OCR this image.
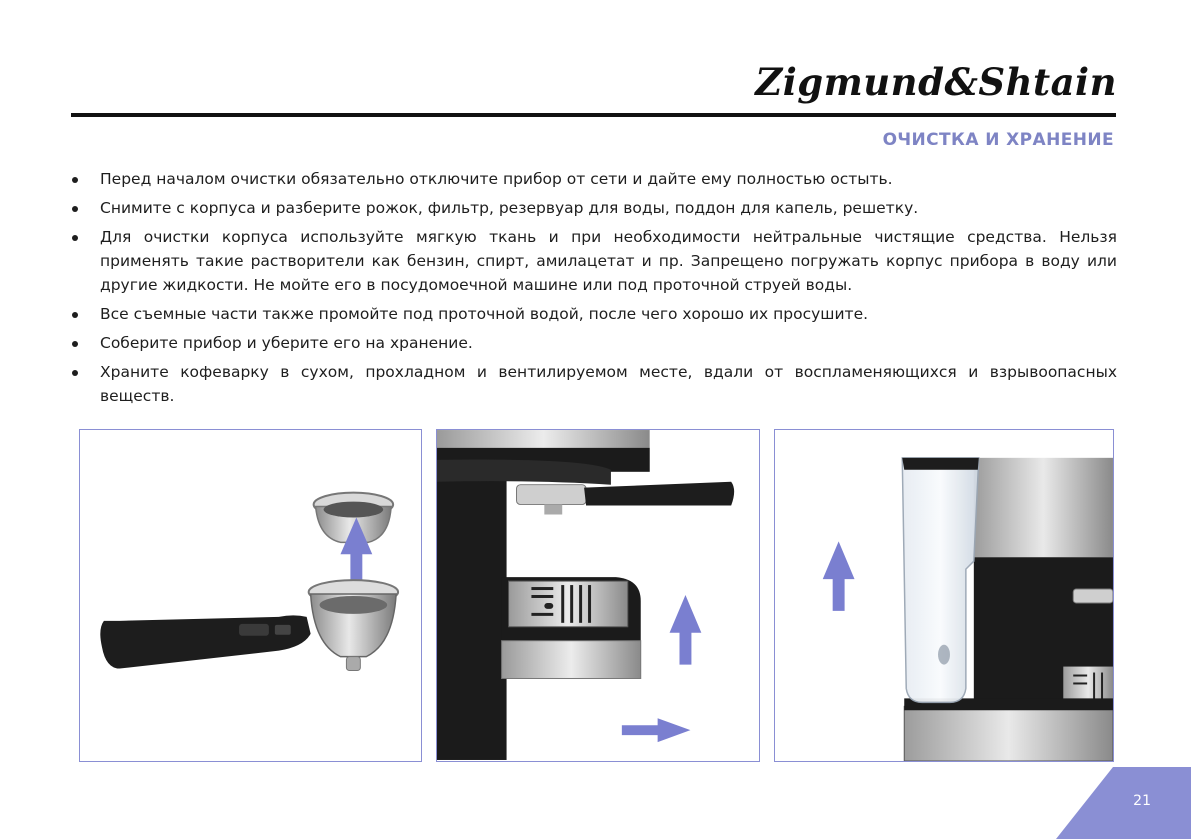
Zigmund&Shtain
ОЧИСТКА И ХРАНЕНИЕ
Перед началом очистки обязательно отключите прибор от сети и дайте ему полностью остыть.
Снимите с корпуса и разберите рожок, фильтр, резервуар для воды, поддон для капель, решетку.
Для очистки корпуса используйте мягкую ткань и при необходимости нейтральные чистящие средства. Нельзя применять такие растворители как бензин, спирт, амилацетат и пр. Запрещено погружать корпус прибора в воду или другие жидкости. Не мойте его в посудомоечной машине или под проточной струей воды.
Все съемные части также промойте под проточной водой, после чего хорошо их просушите.
Соберите прибор и уберите его на хранение.
Храните кофеварку в сухом, прохладном и вентилируемом месте, вдали от воспламеняющихся и взрывоопасных веществ.
21
